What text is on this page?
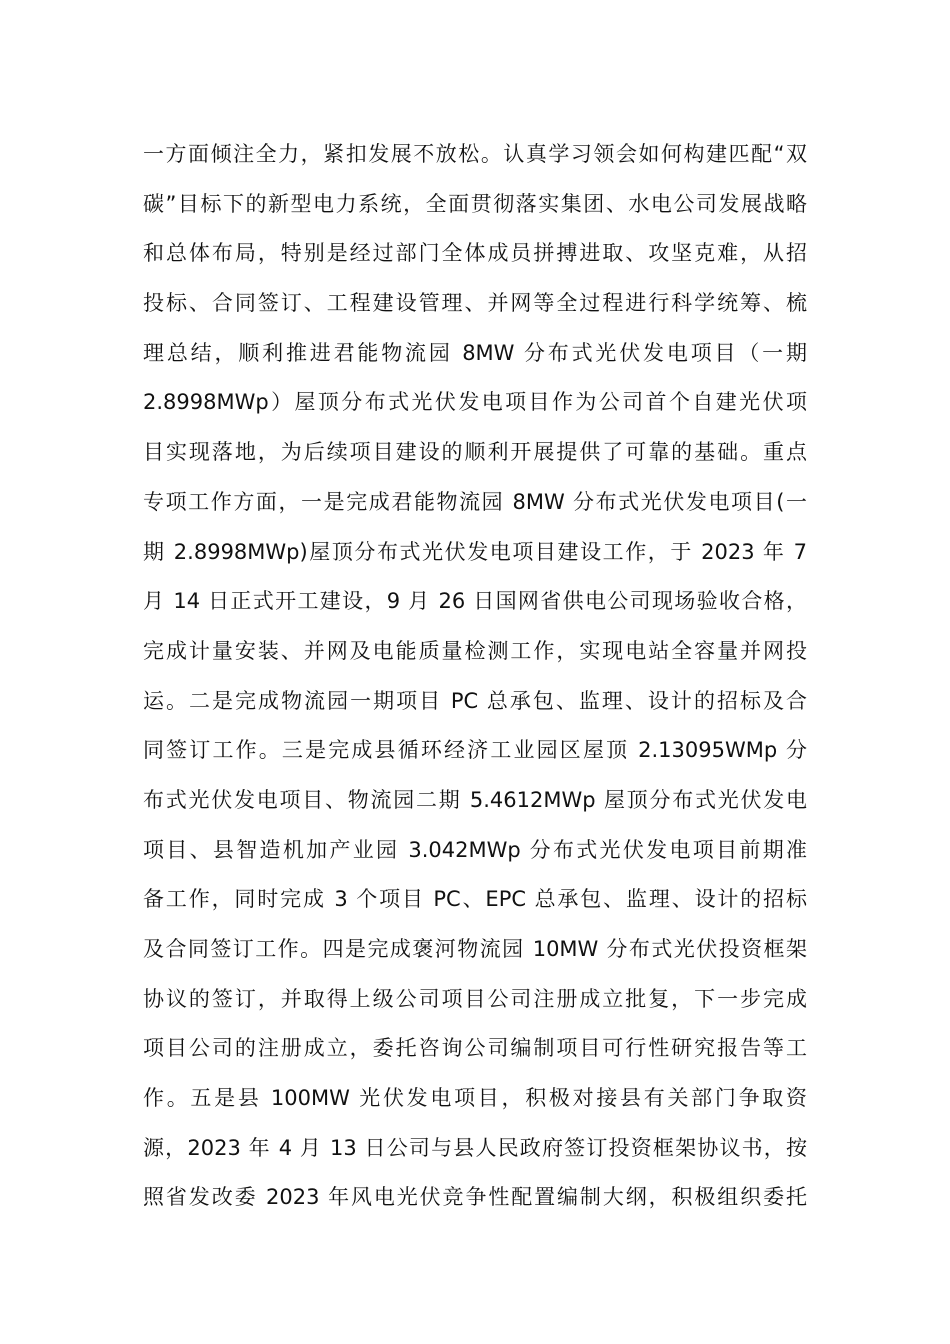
一方面倾注全力，紧扣发展不放松。认真学习领会如何构建匹配“双
碳”目标下的新型电力系统，全面贯彻落实集团、水电公司发展战略
和总体布局，特别是经过部门全体成员拼搏进取、攻坚克难，从招
投标、合同签订、工程建设管理、并网等全过程进行科学统筹、梳
理总结，顺利推进君能物流园 8MW 分布式光伏发电项目（一期
2.8998MWp）屋顶分布式光伏发电项目作为公司首个自建光伏项
目实现落地，为后续项目建设的顺利开展提供了可靠的基础。重点
专项工作方面，一是完成君能物流园 8MW 分布式光伏发电项目(一
期 2.8998MWp)屋顶分布式光伏发电项目建设工作，于 2023 年 7
月 14 日正式开工建设，9 月 26 日国网省供电公司现场验收合格，
完成计量安装、并网及电能质量检测工作，实现电站全容量并网投
运。二是完成物流园一期项目 PC 总承包、监理、设计的招标及合
同签订工作。三是完成县循环经济工业园区屋顶 2.13095WMp 分
布式光伏发电项目、物流园二期 5.4612MWp 屋顶分布式光伏发电
项目、县智造机加产业园 3.042MWp 分布式光伏发电项目前期准
备工作，同时完成 3 个项目 PC、EPC 总承包、监理、设计的招标
及合同签订工作。四是完成褒河物流园 10MW 分布式光伏投资框架
协议的签订，并取得上级公司项目公司注册成立批复，下一步完成
项目公司的注册成立，委托咨询公司编制项目可行性研究报告等工
作。五是县 100MW 光伏发电项目，积极对接县有关部门争取资
源，2023 年 4 月 13 日公司与县人民政府签订投资框架协议书，按
照省发改委 2023 年风电光伏竞争性配置编制大纲，积极组织委托
